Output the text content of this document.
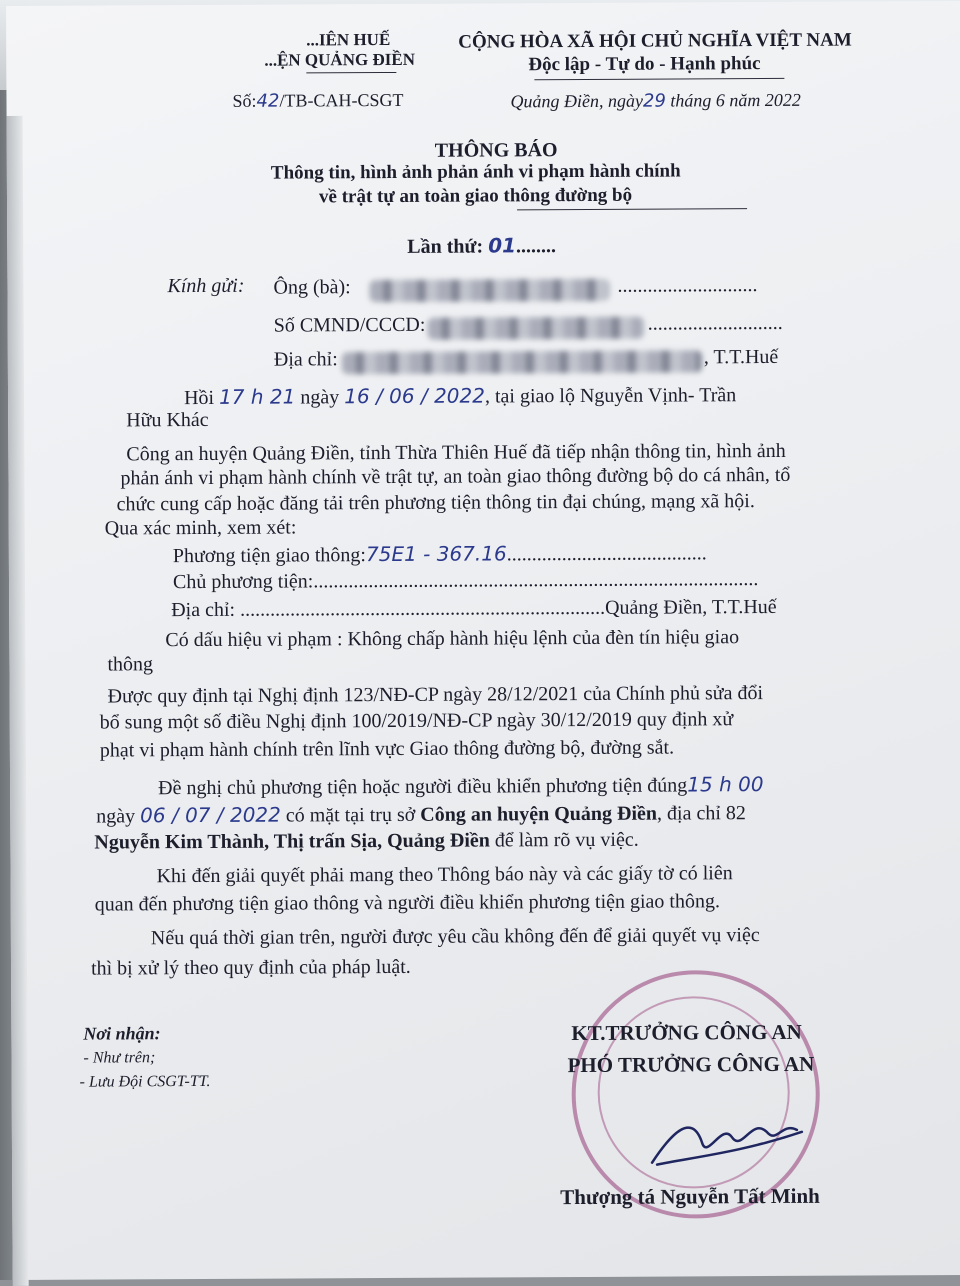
...IÊN HUẾ
...ỆN QUẢNG ĐIỀN
CỘNG HÒA XÃ HỘI CHỦ NGHĨA VIỆT NAM
Độc lập - Tự do - Hạnh phúc
Số:42/TB-CAH-CSGT	Quảng Điền, ngày29 tháng 6 năm 2022
THÔNG BÁO
Thông tin, hình ảnh phản ánh vi phạm hành chính
về trật tự an toàn giao thông đường bộ
Lần thứ: 01........
Kính gửi: Ông (bà):	............................
Số CMND/CCCD:	...........................
Địa chỉ:	, T.T.Huế
Hồi 17 h 21 ngày 16 / 06 / 2022, tại giao lộ Nguyễn Vịnh- Trần
Hữu Khác
Công an huyện Quảng Điền, tỉnh Thừa Thiên Huế đã tiếp nhận thông tin, hình ảnh
phản ánh vi phạm hành chính về trật tự, an toàn giao thông đường bộ do cá nhân, tổ
chức cung cấp hoặc đăng tải trên phương tiện thông tin đại chúng, mạng xã hội.
Qua xác minh, xem xét:
Phương tiện giao thông:75E1 - 367.16........................................
Chủ phương tiện:.........................................................................................
Địa chỉ: .........................................................................Quảng Điền, T.T.Huế
Có dấu hiệu vi phạm : Không chấp hành hiệu lệnh của đèn tín hiệu giao
thông
Được quy định tại Nghị định 123/NĐ-CP ngày 28/12/2021 của Chính phủ sửa đổi
bổ sung một số điều Nghị định 100/2019/NĐ-CP ngày 30/12/2019 quy định xử
phạt vi phạm hành chính trên lĩnh vực Giao thông đường bộ, đường sắt.
Đề nghị chủ phương tiện hoặc người điều khiển phương tiện đúng15 h 00
ngày 06 / 07 / 2022 có mặt tại trụ sở Công an huyện Quảng Điền, địa chỉ 82
Nguyễn Kim Thành, Thị trấn Sịa, Quảng Điền để làm rõ vụ việc.
Khi đến giải quyết phải mang theo Thông báo này và các giấy tờ có liên
quan đến phương tiện giao thông và người điều khiển phương tiện giao thông.
Nếu quá thời gian trên, người được yêu cầu không đến để giải quyết vụ việc
thì bị xử lý theo quy định của pháp luật.
Nơi nhận:
- Như trên;
- Lưu Đội CSGT-TT.
KT.TRƯỞNG CÔNG AN
PHÓ TRƯỞNG CÔNG AN
Thượng tá Nguyễn Tất Minh
